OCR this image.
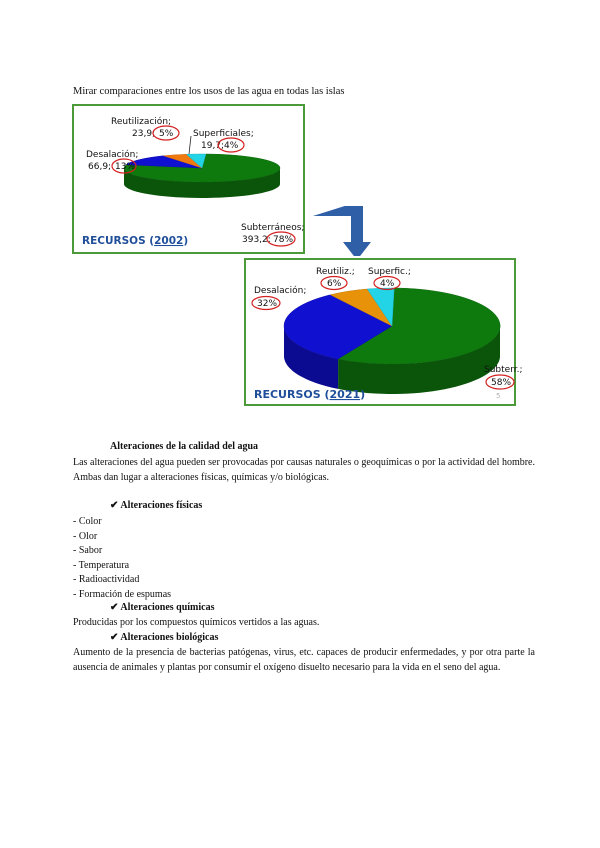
Mirar comparaciones entre los usos de las agua en todas las islas
Reutilización;
23,9; 5% Superficiales;
19,7; 4%
Desalación;
66,9; 13%
Subterráneos;
393,2; 78%
RECURSOS (2002)
Reutiliz.;
6%
Superfic.;
4%
Desalación;
32%
Subterr.;
58%
5
RECURSOS (2021)
Alteraciones de la calidad del agua
Las alteraciones del agua pueden ser provocadas por causas naturales o geoquímicas o por la actividad del hombre. Ambas dan lugar a alteraciones físicas, químicas y/o biológicas.
✔ Alteraciones físicas
- Color
- Olor
- Sabor
- Temperatura
- Radioactividad
- Formación de espumas
✔ Alteraciones químicas
Producidas por los compuestos químicos vertidos a las aguas.
✔ Alteraciones biológicas
Aumento de la presencia de bacterias patógenas, virus, etc. capaces de producir enfermedades, y por otra parte la ausencia de animales y plantas por consumir el oxígeno disuelto necesario para la vida en el seno del agua.
